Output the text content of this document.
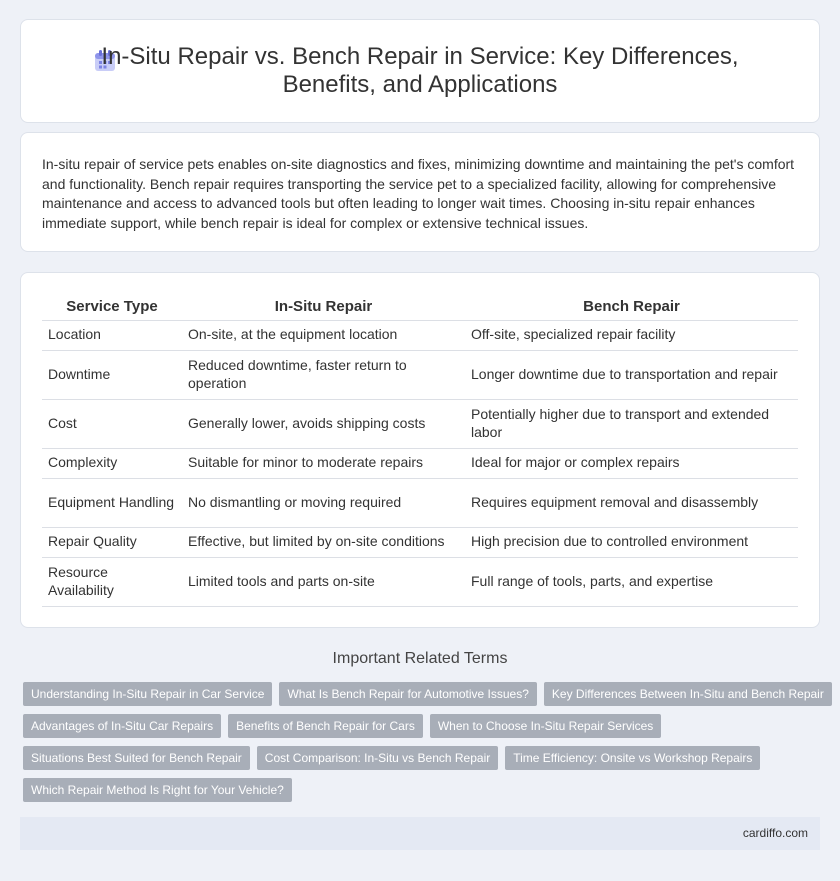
In-Situ Repair vs. Bench Repair in Service: Key Differences, Benefits, and Applications

In-situ repair of service pets enables on-site diagnostics and fixes, minimizing downtime and maintaining the pet's comfort and functionality. Bench repair requires transporting the service pet to a specialized facility, allowing for comprehensive maintenance and access to advanced tools but often leading to longer wait times. Choosing in-situ repair enhances immediate support, while bench repair is ideal for complex or extensive technical issues.

Service Type	In-Situ Repair	Bench Repair
Location	On-site, at the equipment location	Off-site, specialized repair facility
Downtime	Reduced downtime, faster return to operation	Longer downtime due to transportation and repair
Cost	Generally lower, avoids shipping costs	Potentially higher due to transport and extended labor
Complexity	Suitable for minor to moderate repairs	Ideal for major or complex repairs
Equipment Handling	No dismantling or moving required	Requires equipment removal and disassembly
Repair Quality	Effective, but limited by on-site conditions	High precision due to controlled environment
Resource Availability	Limited tools and parts on-site	Full range of tools, parts, and expertise
Important Related Terms
Understanding In-Situ Repair in Car Service	What Is Bench Repair for Automotive Issues?	Key Differences Between In-Situ and Bench Repair
Advantages of In-Situ Car Repairs	Benefits of Bench Repair for Cars	When to Choose In-Situ Repair Services
Situations Best Suited for Bench Repair	Cost Comparison: In-Situ vs Bench Repair	Time Efficiency: Onsite vs Workshop Repairs
Which Repair Method Is Right for Your Vehicle?
cardiffo.com
